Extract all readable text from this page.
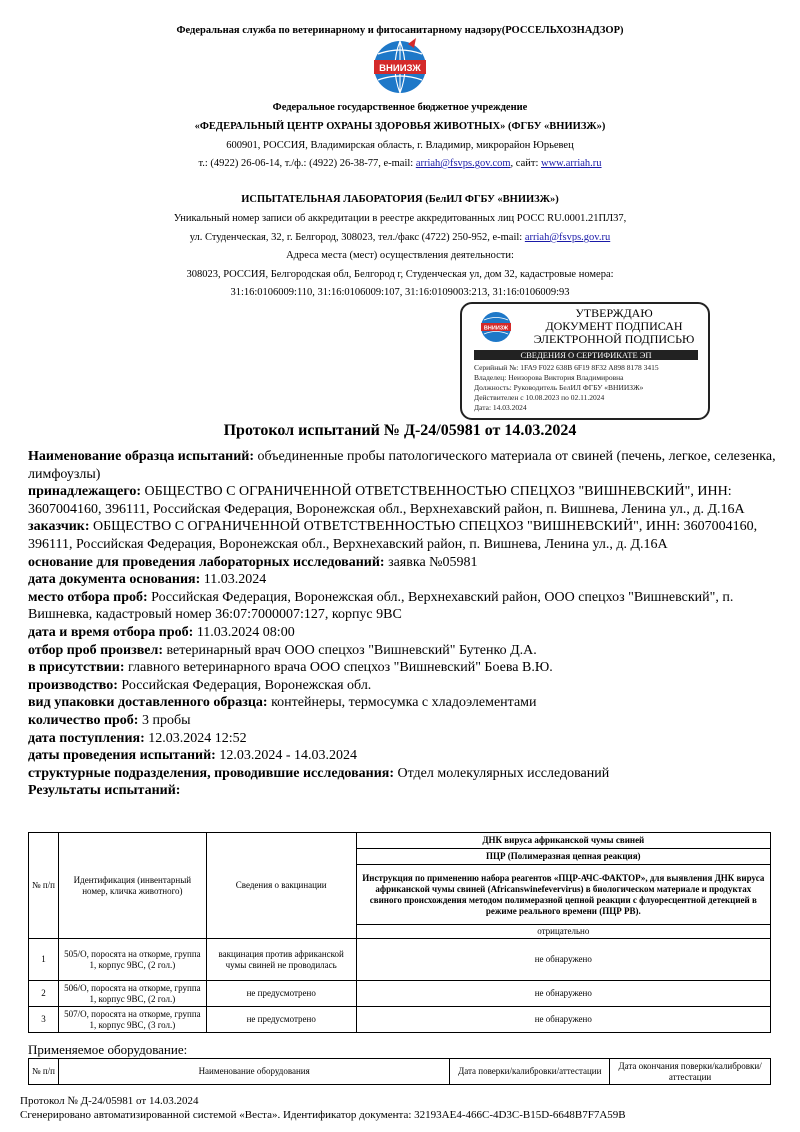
Федеральная служба по ветеринарному и фитосанитарному надзору(РОССЕЛЬХОЗНАДЗОР)
ВНИИЗЖ
Федеральное государственное бюджетное учреждение
«ФЕДЕРАЛЬНЫЙ ЦЕНТР ОХРАНЫ ЗДОРОВЬЯ ЖИВОТНЫХ» (ФГБУ «ВНИИЗЖ»)
600901, РОССИЯ, Владимирская область, г. Владимир, микрорайон Юрьевец
т.: (4922) 26-06-14, т./ф.: (4922) 26-38-77, e-mail: arriah@fsvps.gov.com, сайт: www.arriah.ru
ИСПЫТАТЕЛЬНАЯ ЛАБОРАТОРИЯ (БелИЛ ФГБУ «ВНИИЗЖ»)
Уникальный номер записи об аккредитации в реестре аккредитованных лиц РОСС RU.0001.21ПЛ37,
ул. Студенческая, 32, г. Белгород, 308023, тел./факс (4722) 250-952, e-mail: arriah@fsvps.gov.ru
Адреса места (мест) осуществления деятельности:
308023, РОССИЯ, Белгородская обл, Белгород г, Студенческая ул, дом 32, кадастровые номера:
31:16:0106009:110, 31:16:0106009:107, 31:16:0109003:213, 31:16:0106009:93
ВНИИЗЖ
УТВЕРЖДАЮ
ДОКУМЕНТ ПОДПИСАН
ЭЛЕКТРОННОЙ ПОДПИСЬЮ
СВЕДЕНИЯ О СЕРТИФИКАТЕ ЭП
Серийный №: 1FA9 F022 638B 6F19 8F32 A898 8178 3415
Владелец: Неизорова Виктория Владимировна
Должность: Руководитель БелИЛ ФГБУ «ВНИИЗЖ»
Действителен с 10.08.2023 по 02.11.2024
Дата: 14.03.2024
Протокол испытаний № Д-24/05981 от 14.03.2024

Наименование образца испытаний: объединенные пробы патологического материала от свиней (печень, легкое, селезенка, лимфоузлы)

принадлежащего: ОБЩЕСТВО С ОГРАНИЧЕННОЙ ОТВЕТСТВЕННОСТЬЮ СПЕЦХОЗ "ВИШНЕВСКИЙ", ИНН: 3607004160, 396111, Российская Федерация, Воронежская обл., Верхнехавский район, п. Вишнева, Ленина ул., д. Д.16А

заказчик: ОБЩЕСТВО С ОГРАНИЧЕННОЙ ОТВЕТСТВЕННОСТЬЮ СПЕЦХОЗ "ВИШНЕВСКИЙ", ИНН: 3607004160, 396111, Российская Федерация, Воронежская обл., Верхнехавский район, п. Вишнева, Ленина ул., д. Д.16А

основание для проведения лабораторных исследований: заявка №05981

дата документа основания: 11.03.2024

место отбора проб: Российская Федерация, Воронежская обл., Верхнехавский район, ООО спецхоз "Вишневский", п. Вишневка, кадастровый номер 36:07:7000007:127, корпус 9ВС

дата и время отбора проб: 11.03.2024 08:00

отбор проб произвел: ветеринарный врач ООО спецхоз "Вишневский" Бутенко Д.А.

в присутствии: главного ветеринарного врача ООО спецхоз "Вишневский" Боева В.Ю.

производство: Российская Федерация, Воронежская обл.

вид упаковки доставленного образца: контейнеры, термосумка с хладоэлементами

количество проб: 3 пробы

дата поступления: 12.03.2024 12:52

даты проведения испытаний: 12.03.2024 - 14.03.2024

структурные подразделения, проводившие исследования: Отдел молекулярных исследований

Результаты испытаний:

№ п/п	Идентификация (инвентарный номер, кличка животного)	Сведения о вакцинации	ДНК вируса африканской чумы свиней
			ПЦР (Полимеразная цепная реакция)
			Инструкция по применению набора реагентов «ПЦР-АЧС-ФАКТОР», для выявления ДНК вируса африканской чумы свиней (Africanswinefevervirus) в биологическом материале и продуктах свиного происхождения методом полимеразной цепной реакции с флуоресцентной детекцией в режиме реального времени (ПЦР РВ).
			отрицательно
1	505/О, поросята на откорме, группа 1, корпус 9ВС, (2 гол.)	вакцинация против африканской чумы свиней не проводилась	не обнаружено
2	506/О, поросята на откорме, группа 1, корпус 9ВС, (2 гол.)	не предусмотрено	не обнаружено
3	507/О, поросята на откорме, группа 1, корпус 9ВС, (3 гол.)	не предусмотрено	не обнаружено
Применяемое оборудование:
№ п/п	Наименование оборудования	Дата поверки/калибровки/аттестации	Дата окончания поверки/калибровки/аттестации
Протокол № Д-24/05981 от 14.03.2024
Сгенерировано автоматизированной системой «Веста». Идентификатор документа: 32193AE4-466C-4D3C-B15D-6648B7F7A59B
